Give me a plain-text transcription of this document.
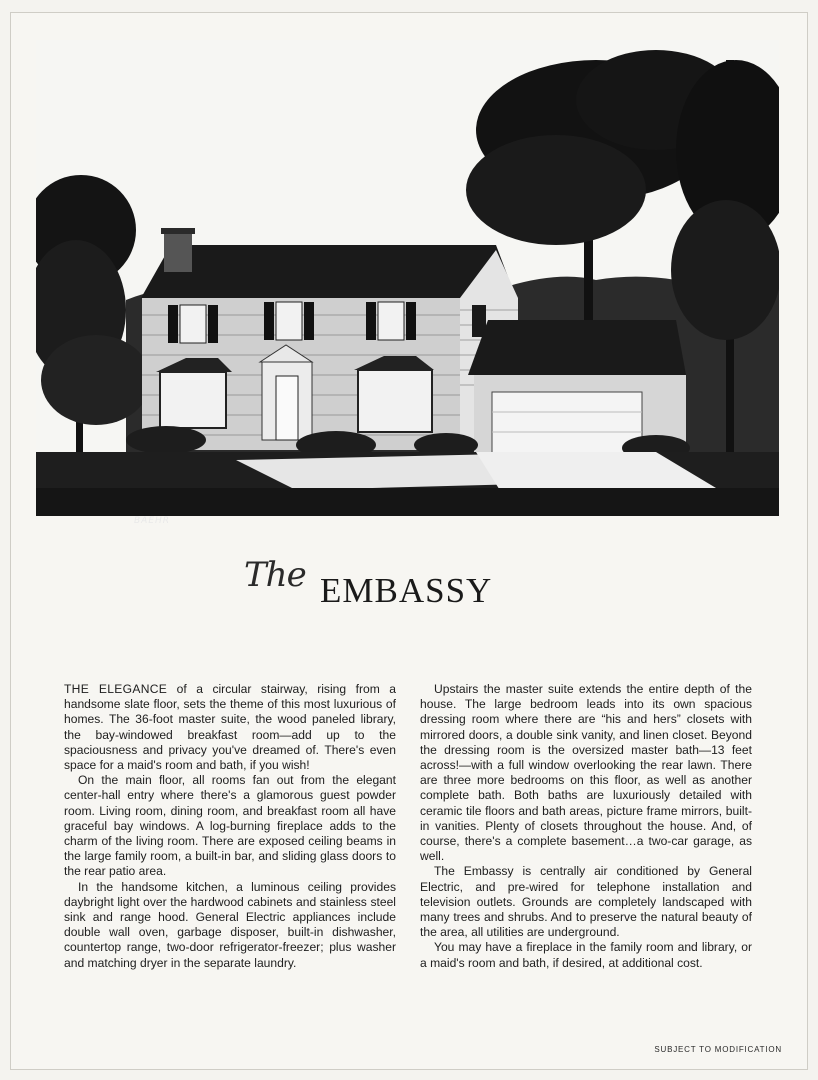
BAEHR
The EMBASSY

THE ELEGANCE of a circular stairway, rising from a handsome slate floor, sets the theme of this most luxurious of homes. The 36-foot master suite, the wood paneled library, the bay-windowed breakfast room—add up to the spaciousness and privacy you've dreamed of. There's even space for a maid's room and bath, if you wish!

On the main floor, all rooms fan out from the elegant center-hall entry where there's a glamorous guest powder room. Living room, dining room, and breakfast room all have graceful bay windows. A log-burning fireplace adds to the charm of the living room. There are exposed ceiling beams in the large family room, a built-in bar, and sliding glass doors to the rear patio area.

In the handsome kitchen, a luminous ceiling provides daybright light over the hardwood cabinets and stainless steel sink and range hood. General Electric appliances include double wall oven, garbage disposer, built-in dishwasher, countertop range, two-door refrigerator-freezer; plus washer and matching dryer in the separate laundry.

Upstairs the master suite extends the entire depth of the house. The large bedroom leads into its own spacious dressing room where there are “his and hers” closets with mirrored doors, a double sink vanity, and linen closet. Beyond the dressing room is the oversized master bath—13 feet across!—with a full window overlooking the rear lawn. There are three more bedrooms on this floor, as well as another complete bath. Both baths are luxuriously detailed with ceramic tile floors and bath areas, picture frame mirrors, built-in vanities. Plenty of closets throughout the house. And, of course, there's a complete basement…a two-car garage, as well.

The Embassy is centrally air conditioned by General Electric, and pre-wired for telephone installation and television outlets. Grounds are completely landscaped with many trees and shrubs. And to preserve the natural beauty of the area, all utilities are underground.

You may have a fireplace in the family room and library, or a maid's room and bath, if desired, at additional cost.

SUBJECT TO MODIFICATION
